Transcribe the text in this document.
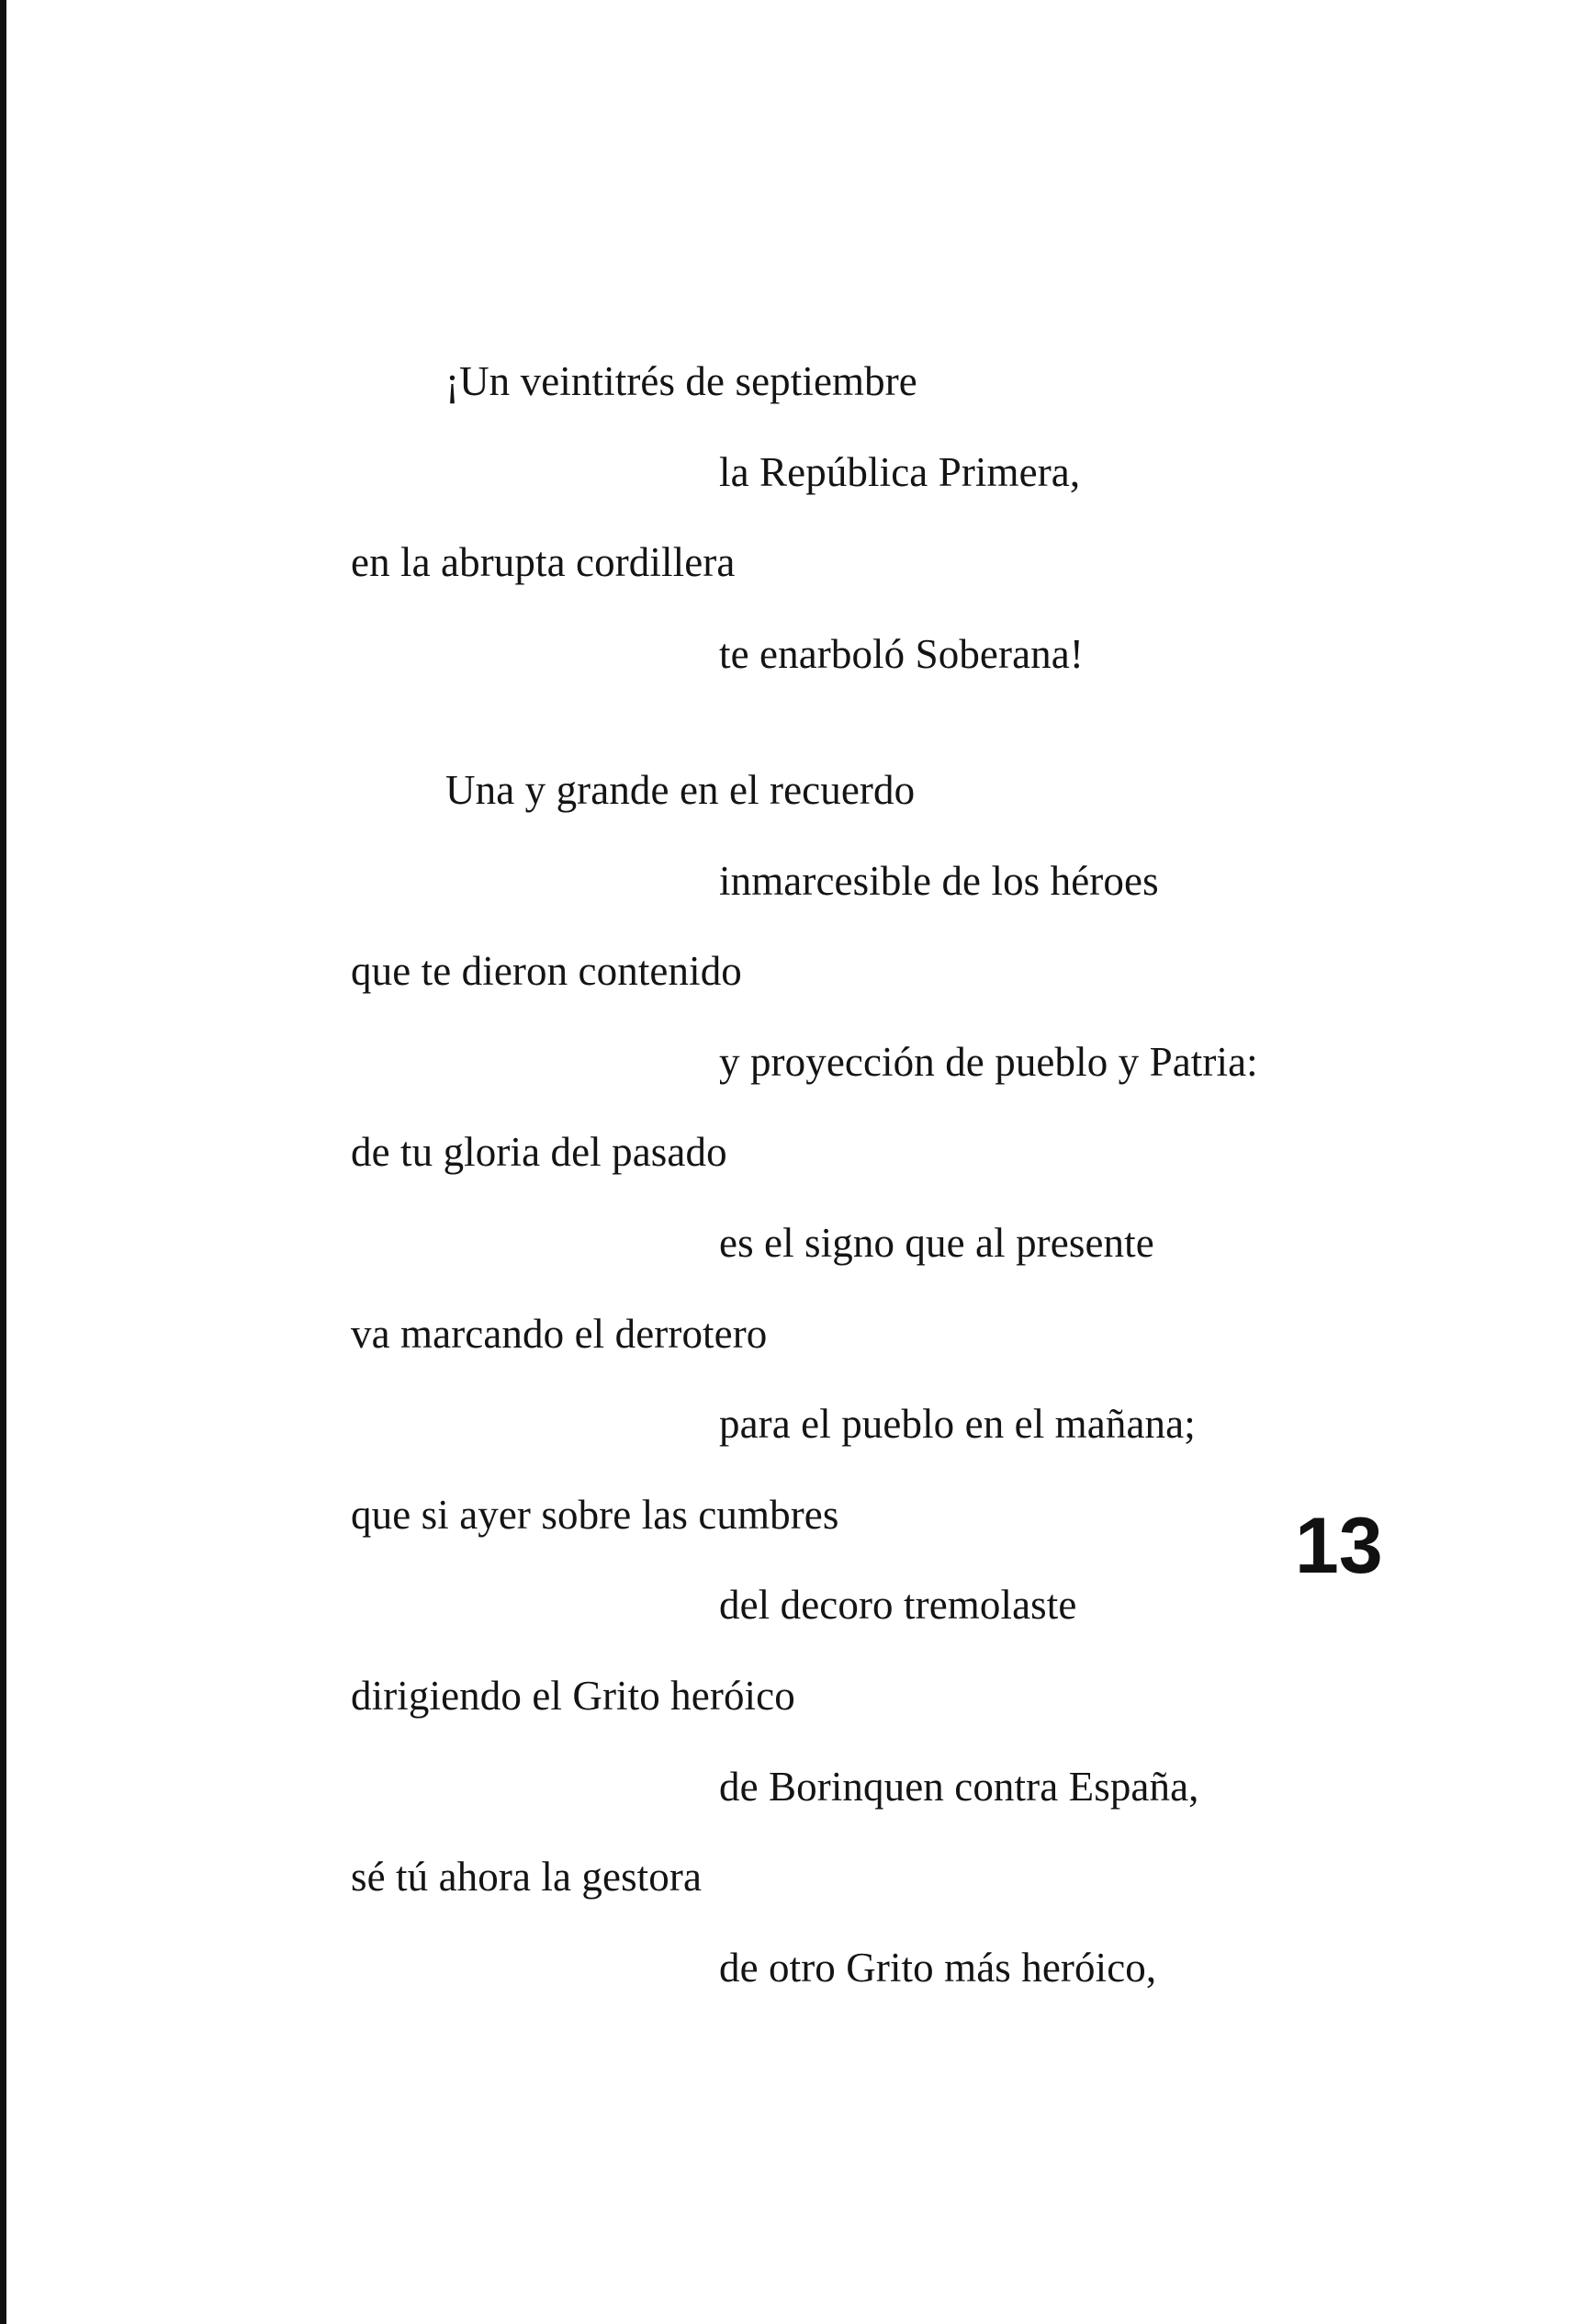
¡Un veintitrés de septiembre
la República Primera,
en la abrupta cordillera
te enarboló Soberana!
Una y grande en el recuerdo
inmarcesible de los héroes
que te dieron contenido
y proyección de pueblo y Patria:
de tu gloria del pasado
es el signo que al presente
va marcando el derrotero
para el pueblo en el mañana;
que si ayer sobre las cumbres
del decoro tremolaste
dirigiendo el Grito heróico
de Borinquen contra España,
sé tú ahora la gestora
de otro Grito más heróico,
13
